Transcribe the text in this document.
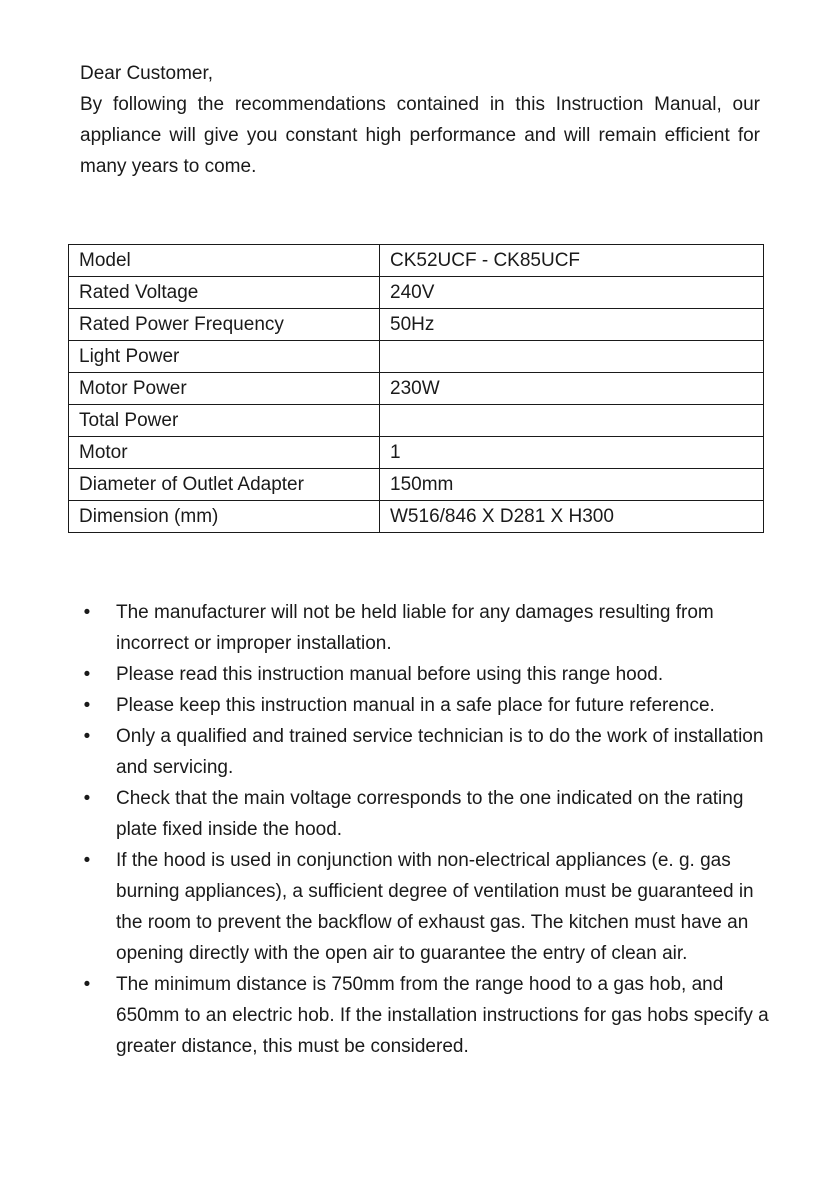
Dear Customer,

By following the recommendations contained in this Instruction Manual, our appliance will give you constant high performance and will remain efficient for many years to come.

Model	CK52UCF - CK85UCF
Rated Voltage	240V
Rated Power Frequency	50Hz
Light Power	
Motor Power	230W
Total Power	
Motor	1
Diameter of Outlet Adapter	150mm
Dimension (mm)	W516/846 X D281 X H300
• The manufacturer will not be held liable for any damages resulting from incorrect or improper installation.
• Please read this instruction manual before using this range hood.
• Please keep this instruction manual in a safe place for future reference.
• Only a qualified and trained service technician is to do the work of installation and servicing.
• Check that the main voltage corresponds to the one indicated on the rating plate fixed inside the hood.
• If the hood is used in conjunction with non-electrical appliances (e. g. gas burning appliances), a sufficient degree of ventilation must be guaranteed in the room to prevent the backflow of exhaust gas. The kitchen must have an opening directly with the open air to guarantee the entry of clean air.
• The minimum distance is 750mm from the range hood to a gas hob, and 650mm to an electric hob. If the installation instructions for gas hobs specify a greater distance, this must be considered.
